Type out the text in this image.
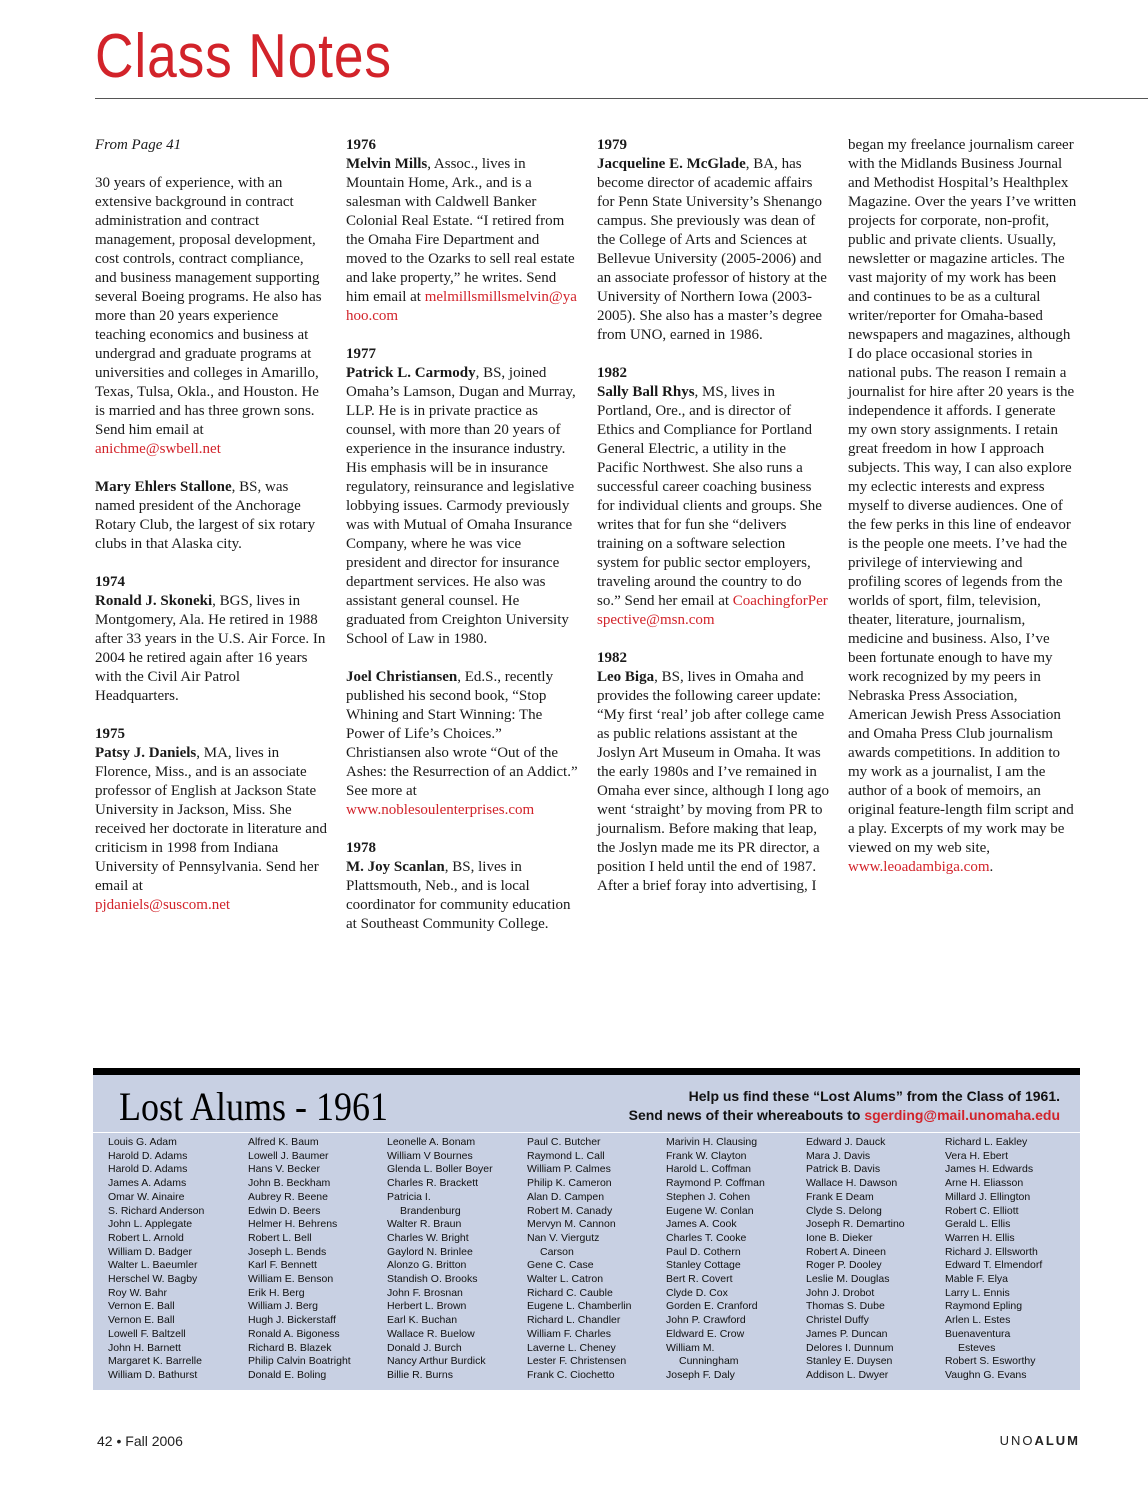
Class Notes

From Page 41

30 years of experience, with an extensive background in contract administration and contract management, proposal development, cost controls, contract compliance, and business management supporting several Boeing programs. He also has more than 20 years experience teaching economics and business at undergrad and graduate programs at universities and colleges in Amarillo, Texas, Tulsa, Okla., and Houston. He is married and has three grown sons. Send him email at
anichme@swbell.net

Mary Ehlers Stallone, BS, was named president of the Anchorage Rotary Club, the largest of six rotary clubs in that Alaska city.

1974
Ronald J. Skoneki, BGS, lives in Montgomery, Ala. He retired in 1988 after 33 years in the U.S. Air Force. In 2004 he retired again after 16 years with the Civil Air Patrol Headquarters.

1975
Patsy J. Daniels, MA, lives in Florence, Miss., and is an associate professor of English at Jackson State University in Jackson, Miss. She received her doctorate in literature and criticism in 1998 from Indiana University of Pennsylvania. Send her email at
pjdaniels@suscom.net

1976
Melvin Mills, Assoc., lives in Mountain Home, Ark., and is a salesman with Caldwell Banker Colonial Real Estate. “I retired from the Omaha Fire Department and moved to the Ozarks to sell real estate and lake property,” he writes. Send him email at melmillsmillsmelvin@yahoo.com

1977
Patrick L. Carmody, BS, joined Omaha’s Lamson, Dugan and Murray, LLP. He is in private practice as counsel, with more than 20 years of experience in the insurance industry. His emphasis will be in insurance regulatory, reinsurance and legislative lobbying issues. Carmody previously was with Mutual of Omaha Insurance Company, where he was vice president and director for insurance department services. He also was assistant general counsel. He graduated from Creighton University School of Law in 1980.

Joel Christiansen, Ed.S., recently published his second book, “Stop Whining and Start Winning: The Power of Life’s Choices.” Christiansen also wrote “Out of the Ashes: the Resurrection of an Addict.” See more at
www.noblesoulenterprises.com

1978
M. Joy Scanlan, BS, lives in Plattsmouth, Neb., and is local coordinator for community education at Southeast Community College.

1979
Jacqueline E. McGlade, BA, has become director of academic affairs for Penn State University’s Shenango campus. She previously was dean of the College of Arts and Sciences at Bellevue University (2005-2006) and an associate professor of history at the University of Northern Iowa (2003-2005). She also has a master’s degree from UNO, earned in 1986.

1982
Sally Ball Rhys, MS, lives in Portland, Ore., and is director of Ethics and Compliance for Portland General Electric, a utility in the Pacific Northwest. She also runs a successful career coaching business for individual clients and groups. She writes that for fun she “delivers training on a software selection system for public sector employers, traveling around the country to do so.” Send her email at CoachingforPerspective@msn.com

1982
Leo Biga, BS, lives in Omaha and provides the following career update: “My first ‘real’ job after college came as public relations assistant at the Joslyn Art Museum in Omaha. It was the early 1980s and I’ve remained in Omaha ever since, although I long ago went ‘straight’ by moving from PR to journalism. Before making that leap, the Joslyn made me its PR director, a position I held until the end of 1987. After a brief foray into advertising, I

began my freelance journalism career with the Midlands Business Journal and Methodist Hospital’s Healthplex Magazine. Over the years I’ve written projects for corporate, non-profit, public and private clients. Usually, newsletter or magazine articles. The vast majority of my work has been and continues to be as a cultural writer/reporter for Omaha-based newspapers and magazines, although I do place occasional stories in national pubs. The reason I remain a journalist for hire after 20 years is the independence it affords. I generate my own story assignments. I retain great freedom in how I approach subjects. This way, I can also explore my eclectic interests and express myself to diverse audiences. One of the few perks in this line of endeavor is the people one meets. I’ve had the privilege of interviewing and profiling scores of legends from the worlds of sport, film, television, theater, literature, journalism, medicine and business. Also, I’ve been fortunate enough to have my work recognized by my peers in Nebraska Press Association, American Jewish Press Association and Omaha Press Club journalism awards competitions. In addition to my work as a journalist, I am the author of a book of memoirs, an original feature-length film script and a play. Excerpts of my work may be viewed on my web site,
www.leoadambiga.com.

Lost Alums - 1961	Help us find these “Lost Alums” from the Class of 1961.
Send news of their whereabouts to sgerding@mail.unomaha.edu
Louis G. Adam
Harold D. Adams
Harold D. Adams
James A. Adams
Omar W. Ainaire
S. Richard Anderson
John L. Applegate
Robert L. Arnold
William D. Badger
Walter L. Baeumler
Herschel W. Bagby
Roy W. Bahr
Vernon E. Ball
Vernon E. Ball
Lowell F. Baltzell
John H. Barnett
Margaret K. Barrelle
William D. Bathurst
Alfred K. Baum
Lowell J. Baumer
Hans V. Becker
John B. Beckham
Aubrey R. Beene
Edwin D. Beers
Helmer H. Behrens
Robert L. Bell
Joseph L. Bends
Karl F. Bennett
William E. Benson
Erik H. Berg
William J. Berg
Hugh J. Bickerstaff
Ronald A. Bigoness
Richard B. Blazek
Philip Calvin Boatright
Donald E. Boling
Leonelle A. Bonam
William V Bournes
Glenda L. Boller Boyer
Charles R. Brackett
Patricia I.
Brandenburg
Walter R. Braun
Charles W. Bright
Gaylord N. Brinlee
Alonzo G. Britton
Standish O. Brooks
John F. Brosnan
Herbert L. Brown
Earl K. Buchan
Wallace R. Buelow
Donald J. Burch
Nancy Arthur Burdick
Billie R. Burns
Paul C. Butcher
Raymond L. Call
William P. Calmes
Philip K. Cameron
Alan D. Campen
Robert M. Canady
Mervyn M. Cannon
Nan V. Viergutz
Carson
Gene C. Case
Walter L. Catron
Richard C. Cauble
Eugene L. Chamberlin
Richard L. Chandler
William F. Charles
Laverne L. Cheney
Lester F. Christensen
Frank C. Ciochetto
Marivin H. Clausing
Frank W. Clayton
Harold L. Coffman
Raymond P. Coffman
Stephen J. Cohen
Eugene W. Conlan
James A. Cook
Charles T. Cooke
Paul D. Cothern
Stanley Cottage
Bert R. Covert
Clyde D. Cox
Gorden E. Cranford
John P. Crawford
Eldward E. Crow
William M.
Cunningham
Joseph F. Daly
Edward J. Dauck
Mara J. Davis
Patrick B. Davis
Wallace H. Dawson
Frank E Deam
Clyde S. Delong
Joseph R. Demartino
Ione B. Dieker
Robert A. Dineen
Roger P. Dooley
Leslie M. Douglas
John J. Drobot
Thomas S. Dube
Christel Duffy
James P. Duncan
Delores I. Dunnum
Stanley E. Duysen
Addison L. Dwyer
Richard L. Eakley
Vera H. Ebert
James H. Edwards
Arne H. Eliasson
Millard J. Ellington
Robert C. Elliott
Gerald L. Ellis
Warren H. Ellis
Richard J. Ellsworth
Edward T. Elmendorf
Mable F. Elya
Larry L. Ennis
Raymond Epling
Arlen L. Estes
Buenaventura
Esteves
Robert S. Esworthy
Vaughn G. Evans
42 • Fall 2006	UNOALUM
